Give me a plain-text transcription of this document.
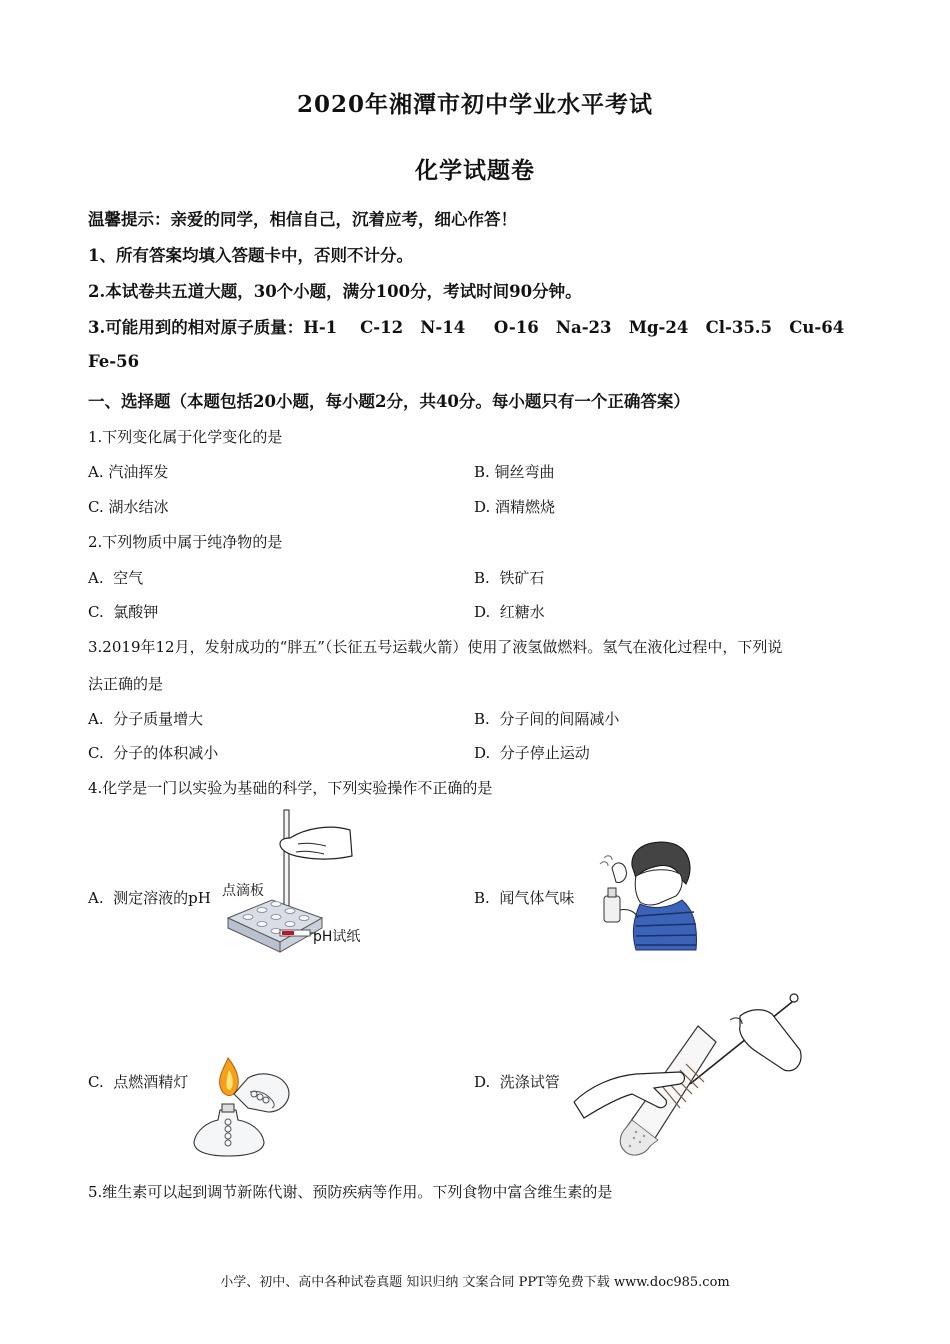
2020年湘潭市初中学业水平考试
化学试题卷
温馨提示：亲爱的同学，相信自己，沉着应考，细心作答！
1、所有答案均填入答题卡中，否则不计分。
2.本试卷共五道大题，30个小题，满分100分，考试时间90分钟。
3.可能用到的相对原子质量：H-1    C-12   N-14     O-16   Na-23   Mg-24   Cl-35.5   Cu-64
Fe-56
一、选择题（本题包括20小题，每小题2分，共40分。每小题只有一个正确答案）
1.下列变化属于化学变化的是
A. 汽油挥发	B. 铜丝弯曲
C. 湖水结冰	D. 酒精燃烧
2.下列物质中属于纯净物的是
A.  空气	B.  铁矿石
C.  氯酸钾	D.  红糖水
3.2019年12月，发射成功的“胖五”（长征五号运载火箭）使用了液氢做燃料。氢气在液化过程中，下列说
法正确的是
A.  分子质量增大	B.  分子间的间隔减小
C.  分子的体积减小	D.  分子停止运动
4.化学是一门以实验为基础的科学，下列实验操作不正确的是
A.  测定溶液的pH	B.  闻气体气味
C.  点燃酒精灯	D.  洗涤试管
点滴板
pH试纸
5.维生素可以起到调节新陈代谢、预防疾病等作用。下列食物中富含维生素的是
小学、初中、高中各种试卷真题 知识归纳 文案合同 PPT等免费下载 www.doc985.com
